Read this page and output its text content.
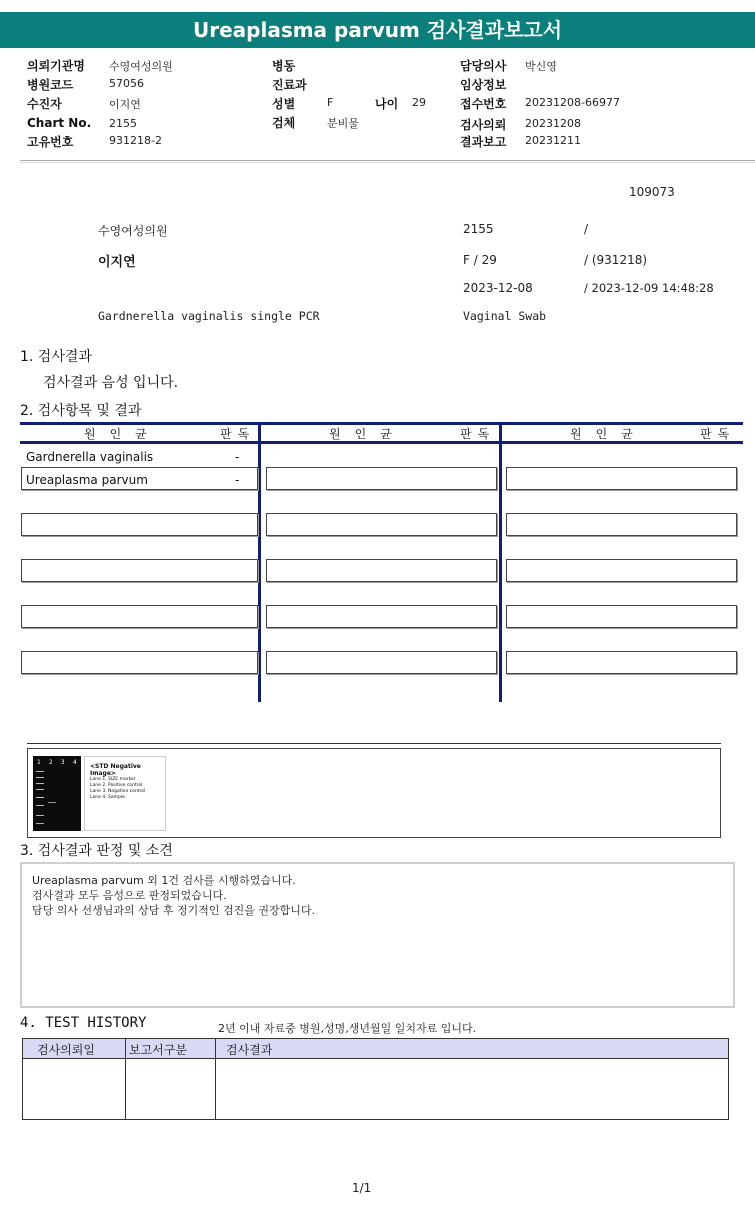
Ureaplasma parvum 검사결과보고서
의뢰기관명 수영여성의원
병원코드	57056
수진자	이지연
Chart No. 2155
고유번호	931218-2
병동
진료과
성별	F	나이 29
검체	분비물
담당의사 박신영
임상정보
접수번호 20231208-66977
검사의뢰 20231208
결과보고 20231211
109073
수영여성의원	2155	/
이지연	F / 29	/ (931218)
2023-12-08	/ 2023-12-09 14:48:28
Gardnerella vaginalis single PCR	Vaginal Swab
1. 검사결과
검사결과 음성 입니다.
2. 검사항목 및 결과
원인균	판독	원인균	판독	원인균	판독
Gardnerella vaginalis	-
Ureaplasma parvum	-
1 2 3 4
<STD Negative Image>
Lane 1. SIZE marker
Lane 2. Positive control
Lane 3. Negative control
Lane 4. Sample
3. 검사결과 판정 및 소견
Ureaplasma parvum 외 1건 검사를 시행하였습니다.
검사결과 모두 음성으로 판정되었습니다.
담당 의사 선생님과의 상담 후 정기적인 검진을 권장합니다.
4. TEST HISTORY	2년 이내 자료중 병원,성명,생년월일 일치자료 입니다.
검사의뢰일	보고서구분	검사결과
1/1
